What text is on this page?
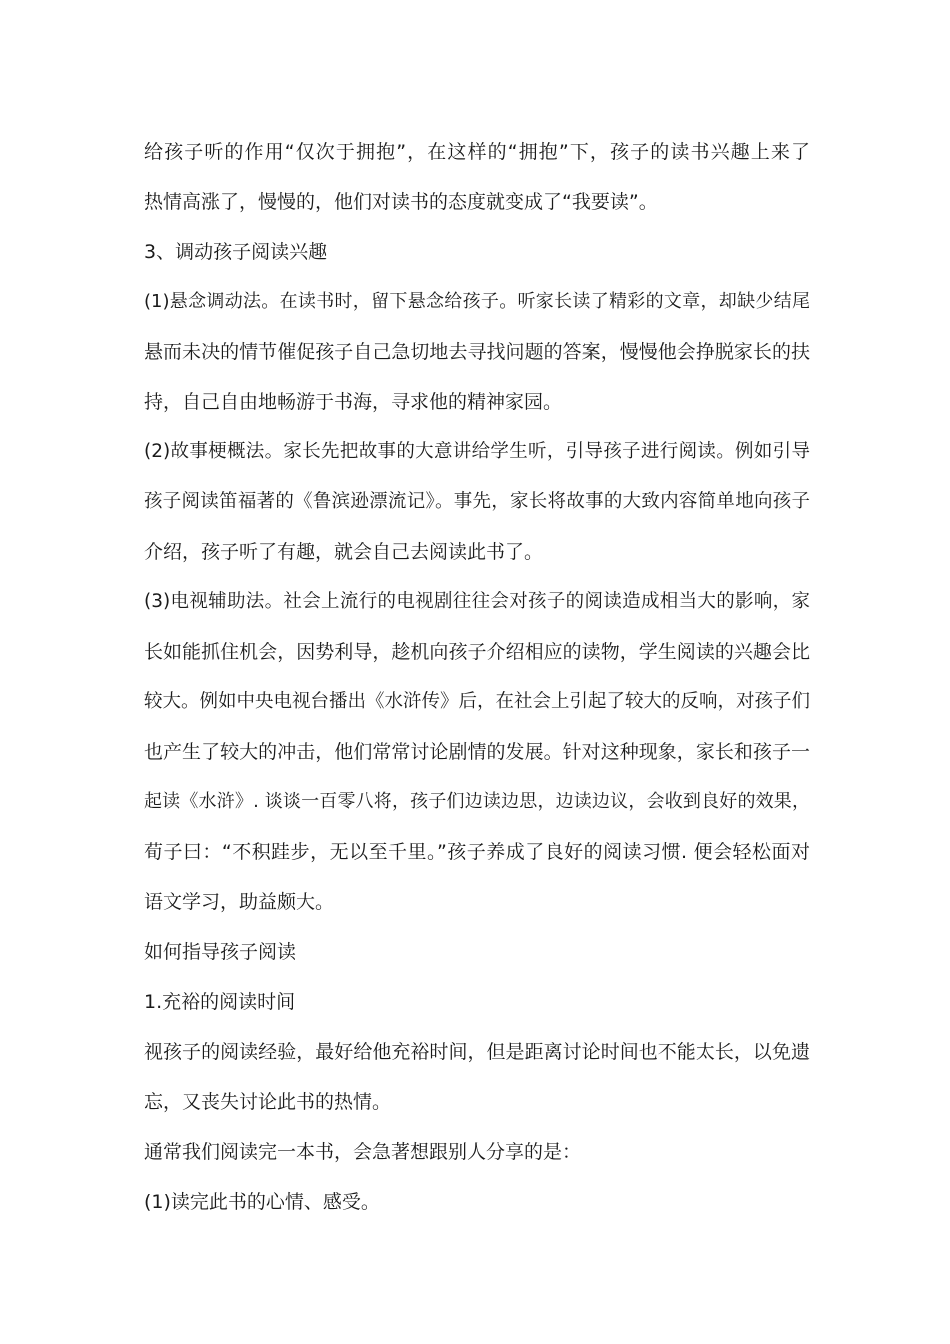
给孩子听的作用“仅次于拥抱”，在这样的“拥抱”下，孩子的读书兴趣上来了
热情高涨了，慢慢的，他们对读书的态度就变成了“我要读”。
3、调动孩子阅读兴趣
(1)悬念调动法。在读书时，留下悬念给孩子。听家长读了精彩的文章，却缺少结尾
悬而未决的情节催促孩子自己急切地去寻找问题的答案，慢慢他会挣脱家长的扶
持，自己自由地畅游于书海，寻求他的精神家园。
(2)故事梗概法。家长先把故事的大意讲给学生听，引导孩子进行阅读。例如引导
孩子阅读笛福著的《鲁滨逊漂流记》。事先，家长将故事的大致内容简单地向孩子
介绍，孩子听了有趣，就会自己去阅读此书了。
(3)电视辅助法。社会上流行的电视剧往往会对孩子的阅读造成相当大的影响，家
长如能抓住机会，因势利导，趁机向孩子介绍相应的读物，学生阅读的兴趣会比
较大。例如中央电视台播出《水浒传》后，在社会上引起了较大的反响，对孩子们
也产生了较大的冲击，他们常常讨论剧情的发展。针对这种现象，家长和孩子一
起读《水浒》. 谈谈一百零八将，孩子们边读边思，边读边议，会收到良好的效果，
荀子曰：“不积跬步，无以至千里。”孩子养成了良好的阅读习惯. 便会轻松面对
语文学习，助益颇大。
如何指导孩子阅读
1.充裕的阅读时间
视孩子的阅读经验，最好给他充裕时间，但是距离讨论时间也不能太长，以免遗
忘，又丧失讨论此书的热情。
通常我们阅读完一本书，会急著想跟别人分享的是：
(1)读完此书的心情、感受。
